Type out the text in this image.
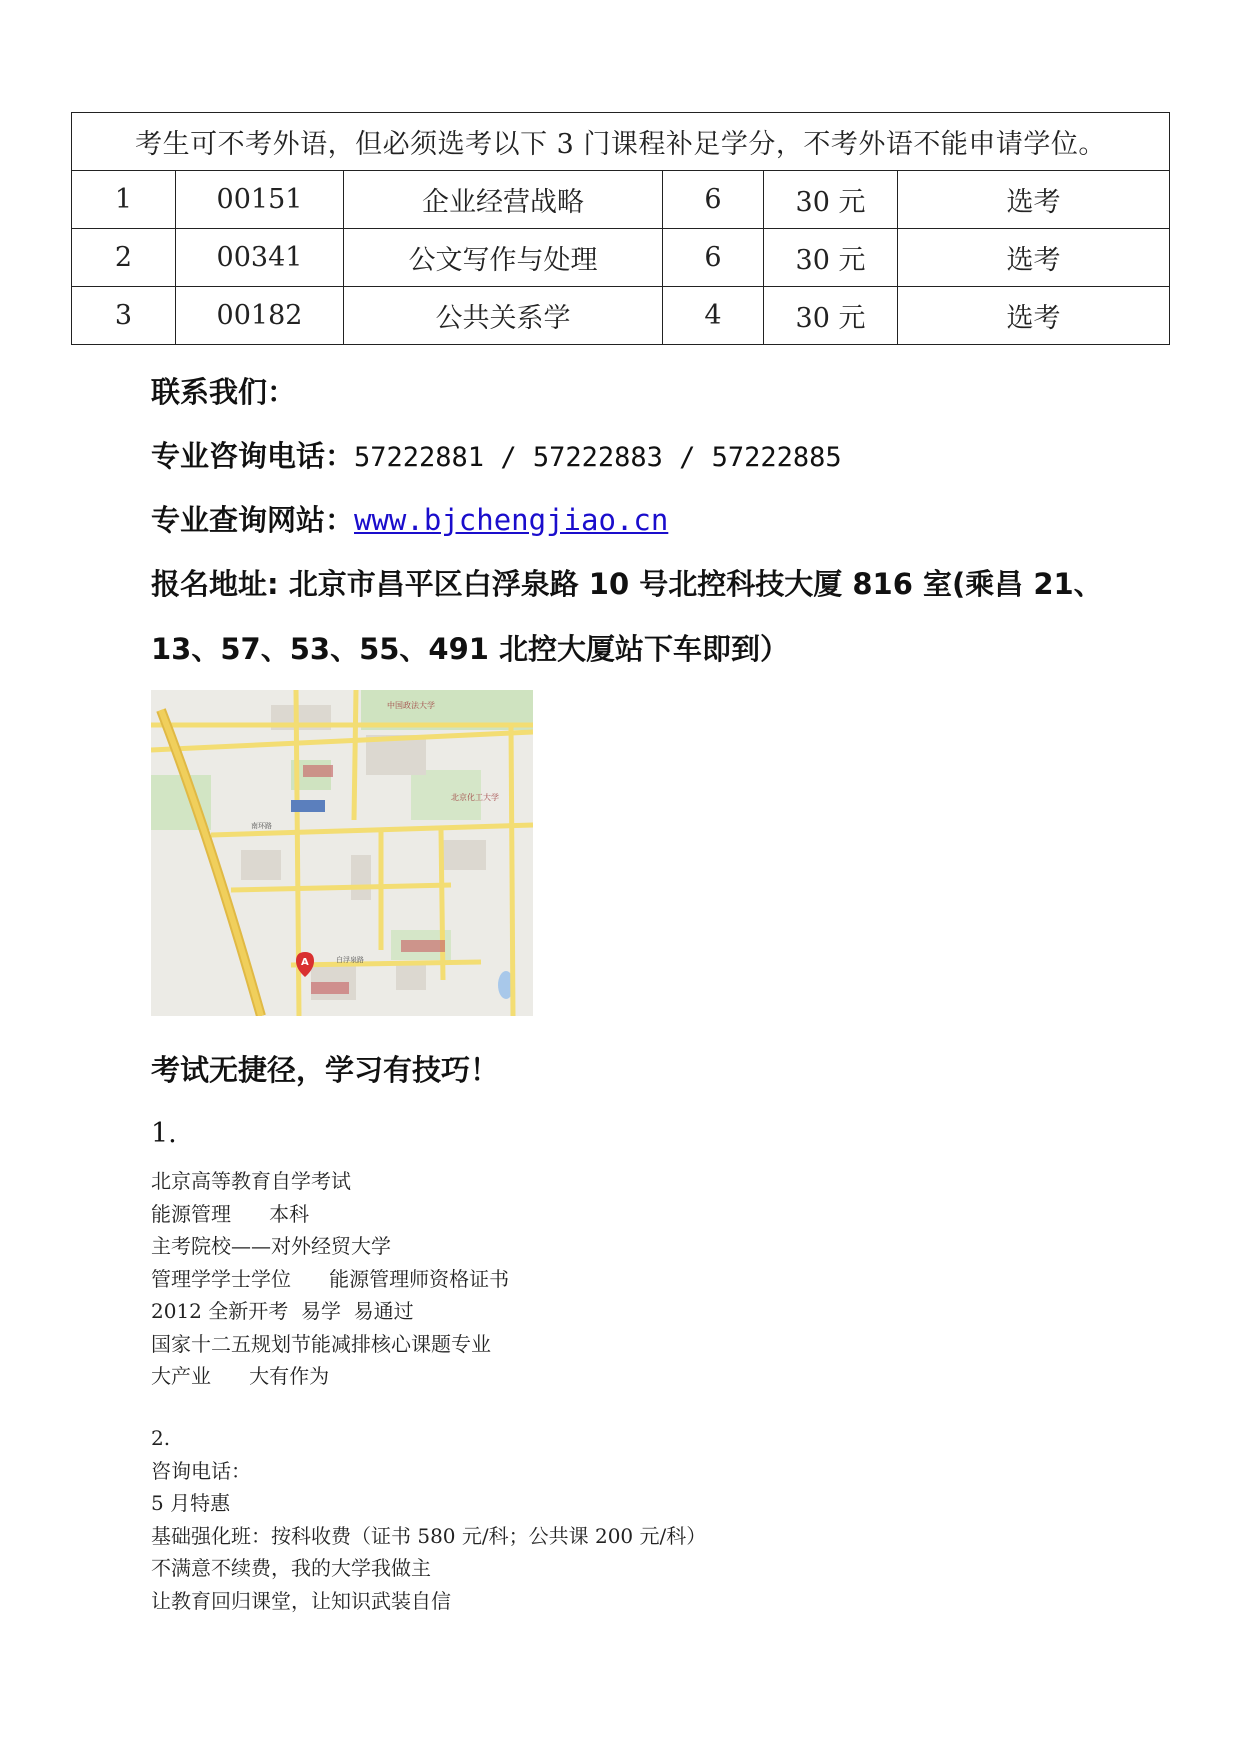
考生可不考外语，但必须选考以下 3 门课程补足学分，不考外语不能申请学位。					
1	00151	企业经营战略	6	30 元	选考
2	00341	公文写作与处理	6	30 元	选考
3	00182	公共关系学	4	30 元	选考
联系我们：
专业咨询电话：57222881 / 57222883 / 57222885
专业查询网站：www.bjchengjiao.cn
报名地址: 北京市昌平区白浮泉路 10 号北控科技大厦 816 室(乘昌 21、
13、57、53、55、491 北控大厦站下车即到）
中国政法大学
北京化工大学
南环路
白浮泉路
A
考试无捷径，学习有技巧！
1.
北京高等教育自学考试
能源管理      本科
主考院校——对外经贸大学
管理学学士学位      能源管理师资格证书
2012 全新开考  易学  易通过
国家十二五规划节能减排核心课题专业
大产业      大有作为
2.
咨询电话：
5 月特惠
基础强化班：按科收费（证书 580 元/科；公共课 200 元/科）
不满意不续费，我的大学我做主
让教育回归课堂，让知识武装自信
